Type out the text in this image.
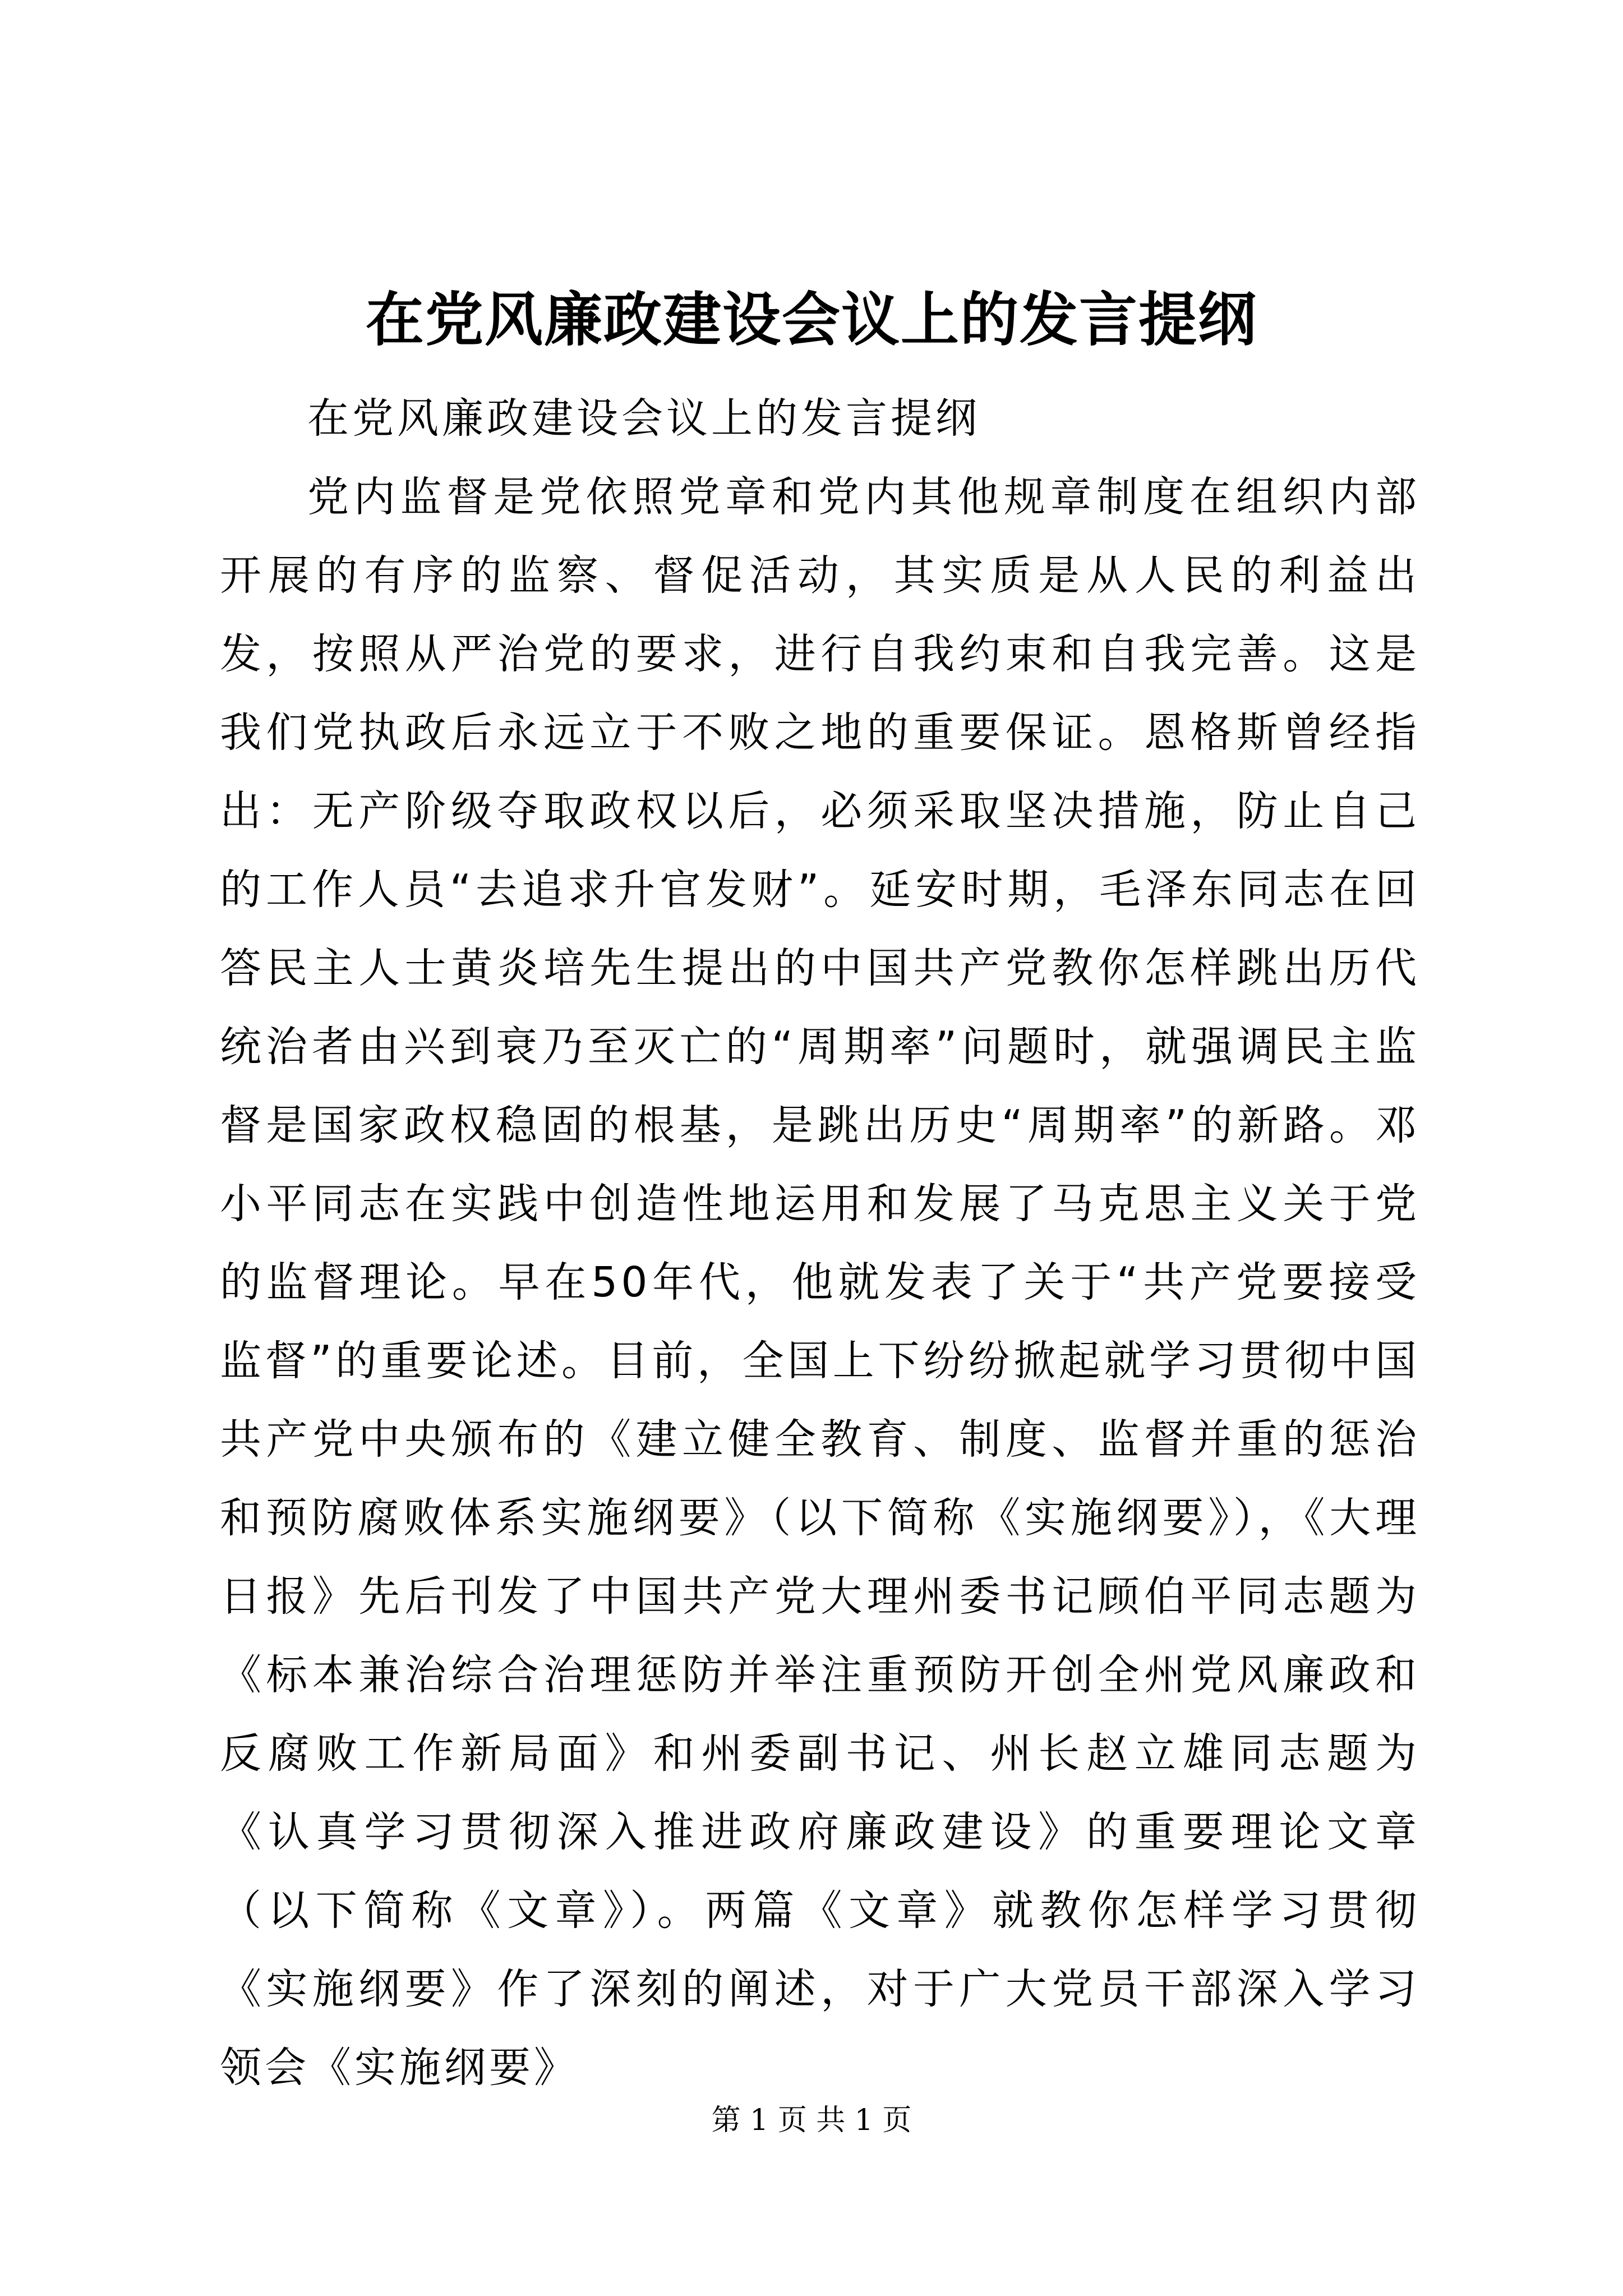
在党风廉政建设会议上的发言提纲

在党风廉政建设会议上的发言提纲

党内监督是党依照党章和党内其他规章制度在组织内部开展的有序的监察、督促活动，其实质是从人民的利益出发，按照从严治党的要求，进行自我约束和自我完善。这是我们党执政后永远立于不败之地的重要保证。恩格斯曾经指出：无产阶级夺取政权以后，必须采取坚决措施，防止自己的工作人员“去追求升官发财”。延安时期，毛泽东同志在回答民主人士黄炎培先生提出的中国共产党教你怎样跳出历代统治者由兴到衰乃至灭亡的“周期率”问题时，就强调民主监督是国家政权稳固的根基，是跳出历史“周期率”的新路。邓小平同志在实践中创造性地运用和发展了马克思主义关于党的监督理论。早在50年代，他就发表了关于“共产党要接受监督”的重要论述。目前，全国上下纷纷掀起就学习贯彻中国共产党中央颁布的《建立健全教育、制度、监督并重的惩治和预防腐败体系实施纲要》（以下简称《实施纲要》），《大理日报》先后刊发了中国共产党大理州委书记顾伯平同志题为《标本兼治综合治理惩防并举注重预防开创全州党风廉政和反腐败工作新局面》和州委副书记、州长赵立雄同志题为《认真学习贯彻深入推进政府廉政建设》的重要理论文章（以下简称《文章》）。两篇《文章》就教你怎样学习贯彻《实施纲要》作了深刻的阐述，对于广大党员干部深入学习领会《实施纲要》

第 1 页 共 1 页
